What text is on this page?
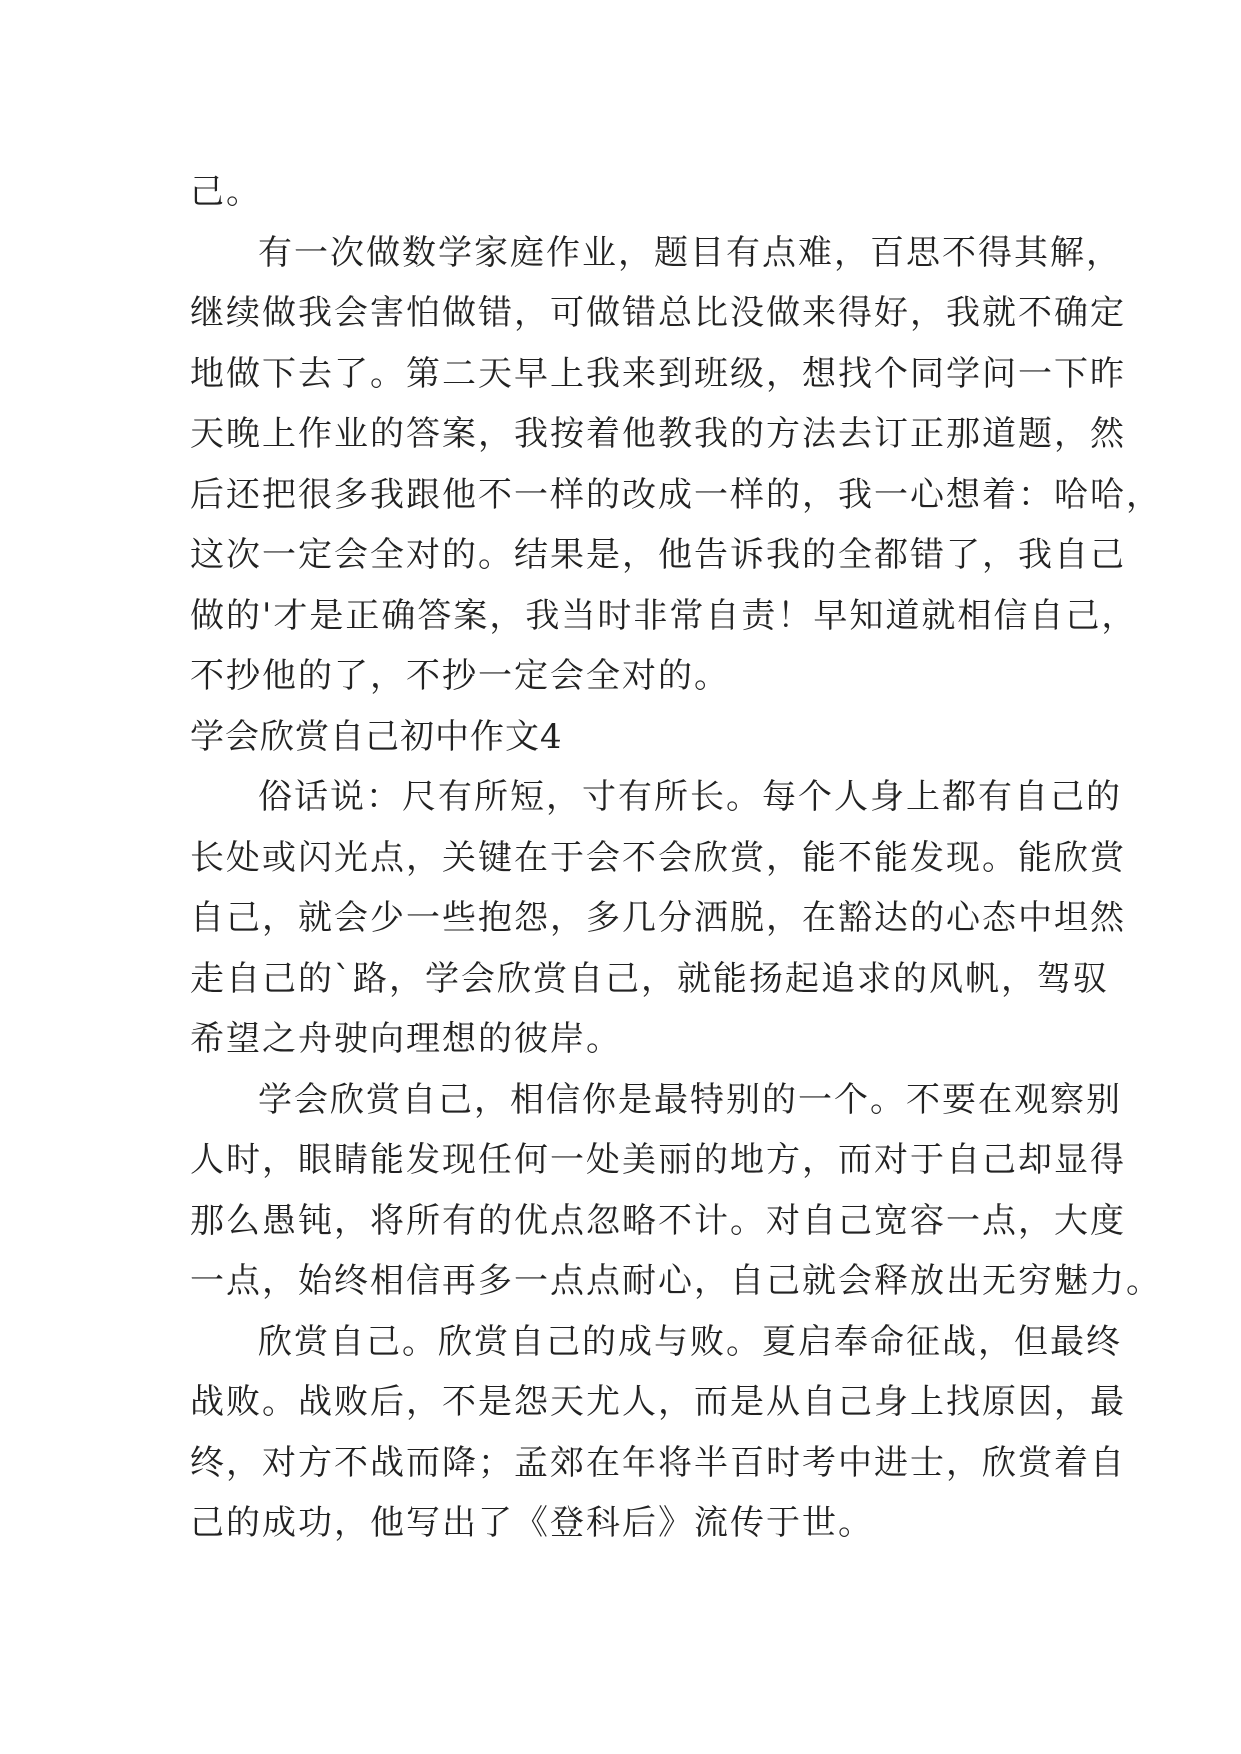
己。
有一次做数学家庭作业，题目有点难，百思不得其解，
继续做我会害怕做错，可做错总比没做来得好，我就不确定
地做下去了。第二天早上我来到班级，想找个同学问一下昨
天晚上作业的答案，我按着他教我的方法去订正那道题，然
后还把很多我跟他不一样的改成一样的，我一心想着：哈哈，
这次一定会全对的。结果是，他告诉我的全都错了，我自己
做的'才是正确答案，我当时非常自责！早知道就相信自己，
不抄他的了，不抄一定会全对的。
学会欣赏自己初中作文4
俗话说：尺有所短，寸有所长。每个人身上都有自己的
长处或闪光点，关键在于会不会欣赏，能不能发现。能欣赏
自己，就会少一些抱怨，多几分洒脱，在豁达的心态中坦然
走自己的`路，学会欣赏自己，就能扬起追求的风帆，驾驭
希望之舟驶向理想的彼岸。
学会欣赏自己，相信你是最特别的一个。不要在观察别
人时，眼睛能发现任何一处美丽的地方，而对于自己却显得
那么愚钝，将所有的优点忽略不计。对自己宽容一点，大度
一点，始终相信再多一点点耐心，自己就会释放出无穷魅力。
欣赏自己。欣赏自己的成与败。夏启奉命征战，但最终
战败。战败后，不是怨天尤人，而是从自己身上找原因，最
终，对方不战而降；孟郊在年将半百时考中进士，欣赏着自
己的成功，他写出了《登科后》流传于世。
